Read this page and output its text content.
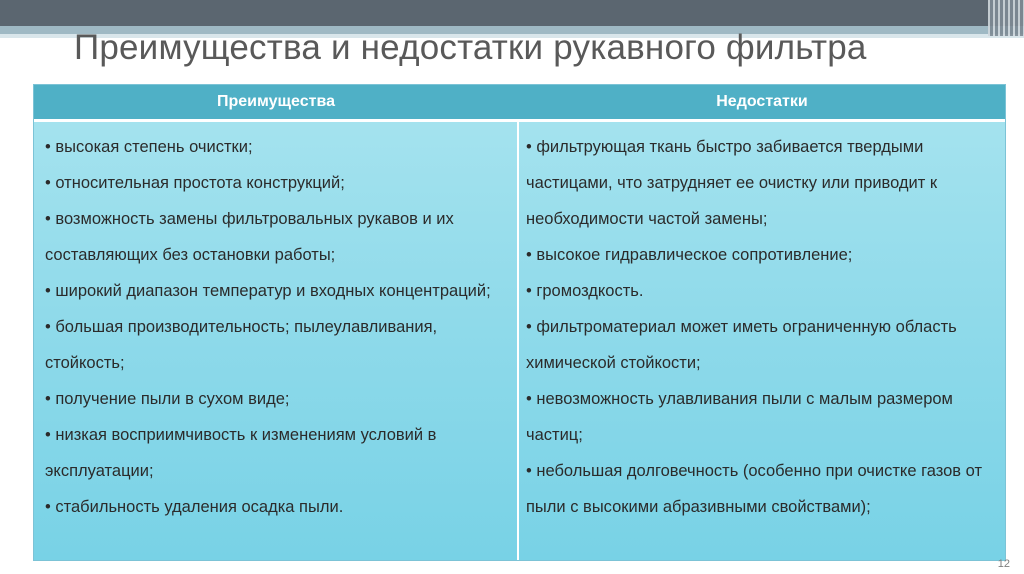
Преимущества и недостатки рукавного фильтра
Преимущества	Недостатки
• высокая степень очистки;
• относительная простота конструкций;
• возможность замены фильтровальных рукавов и их составляющих без остановки работы;
• широкий диапазон температур и входных концентраций;
• большая производительность; пылеулавливания, стойкость;
• получение пыли в сухом виде;
• низкая восприимчивость к изменениям условий в эксплуатации;
• стабильность удаления осадка пыли.
• фильтрующая ткань быстро забивается твердыми частицами, что затрудняет ее очистку или приводит к необходимости частой замены;
• высокое гидравлическое сопротивление;
• громоздкость.
• фильтроматериал может иметь ограниченную область химической стойкости;
• невозможность улавливания пыли с малым размером частиц;
• небольшая долговечность (особенно при очистке газов от пыли с высокими абразивными свойствами);
12
